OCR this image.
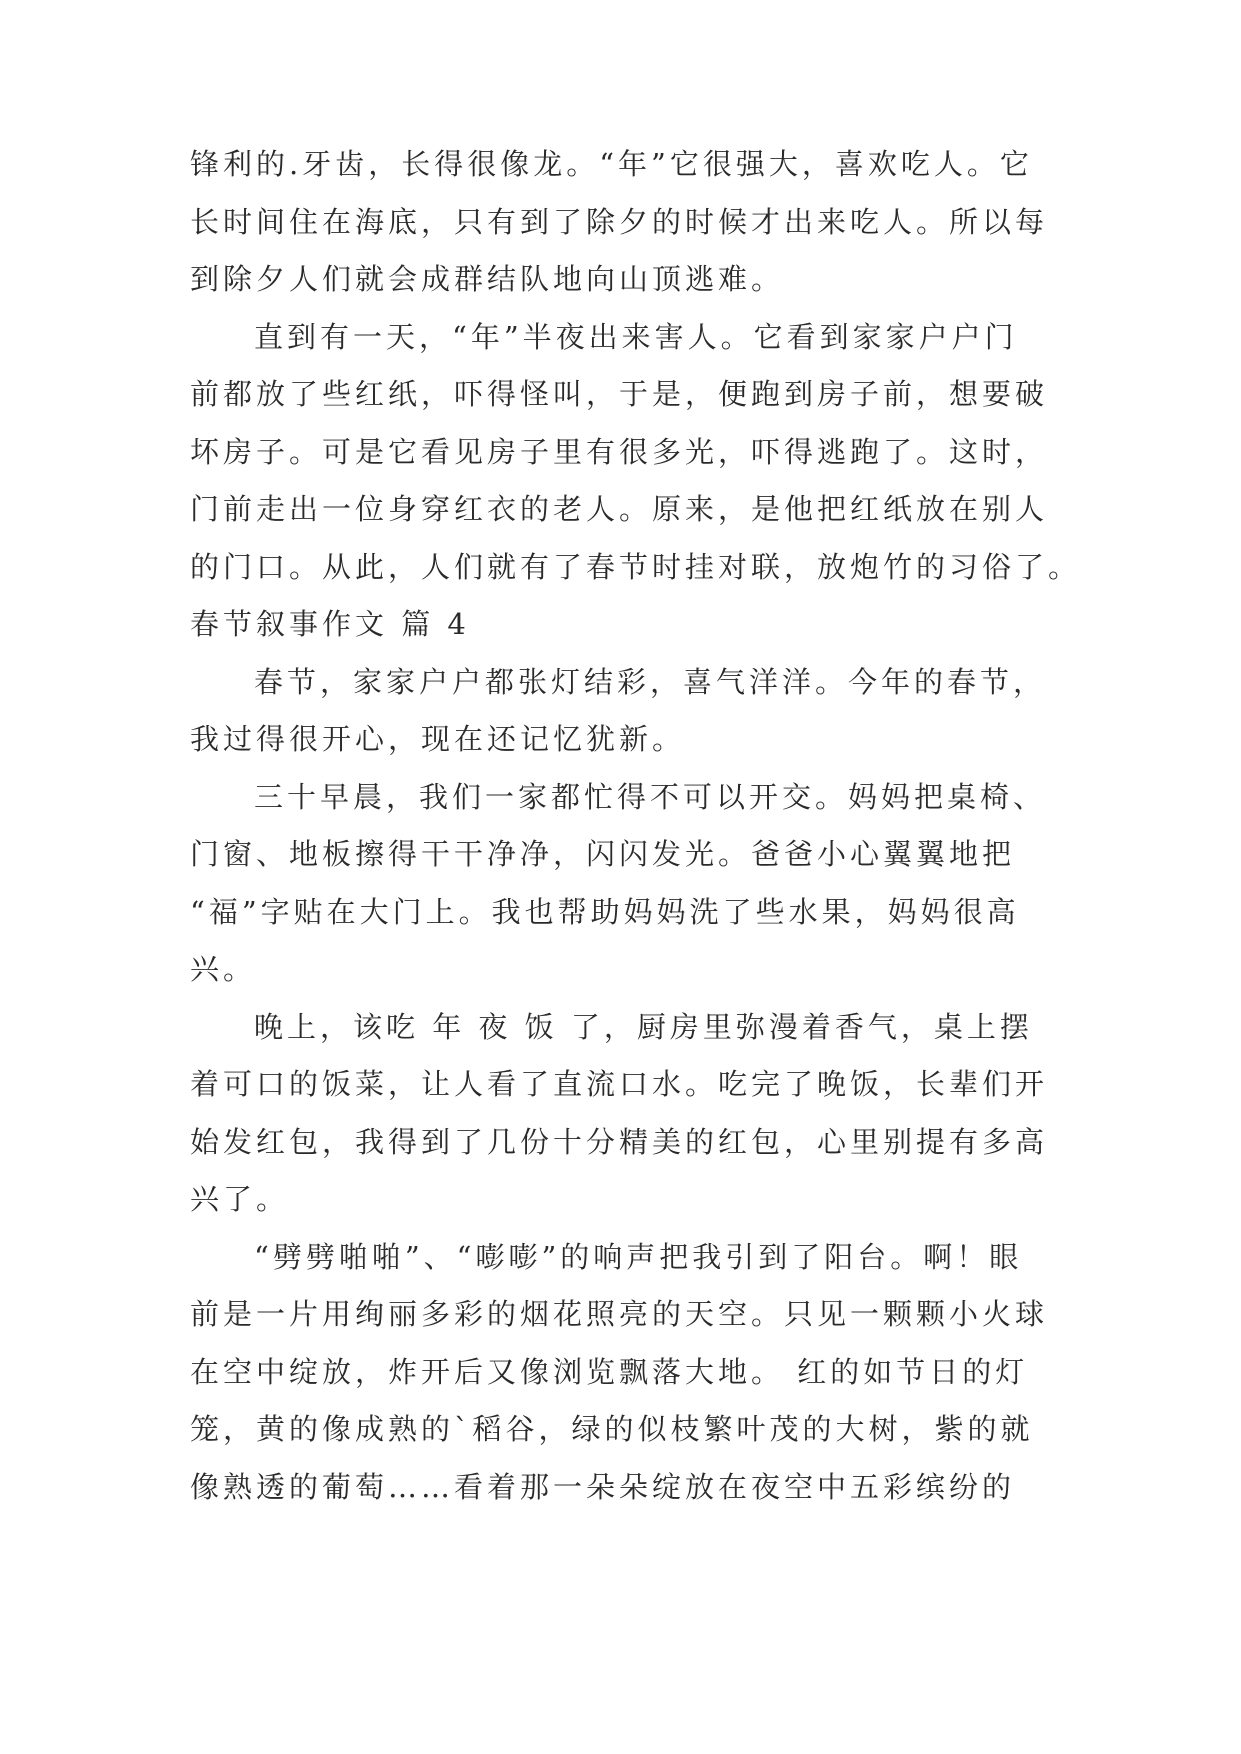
锋利的.牙齿，长得很像龙。“年”它很强大，喜欢吃人。它
长时间住在海底，只有到了除夕的时候才出来吃人。所以每
到除夕人们就会成群结队地向山顶逃难。
直到有一天，“年”半夜出来害人。它看到家家户户门
前都放了些红纸，吓得怪叫，于是，便跑到房子前，想要破
坏房子。可是它看见房子里有很多光，吓得逃跑了。这时，
门前走出一位身穿红衣的老人。原来，是他把红纸放在别人
的门口。从此，人们就有了春节时挂对联，放炮竹的习俗了。
春节叙事作文 篇 4
春节，家家户户都张灯结彩，喜气洋洋。今年的春节，
我过得很开心，现在还记忆犹新。
三十早晨，我们一家都忙得不可以开交。妈妈把桌椅、
门窗、地板擦得干干净净，闪闪发光。爸爸小心翼翼地把
“福”字贴在大门上。我也帮助妈妈洗了些水果，妈妈很高
兴。
晚上，该吃 年 夜 饭 了，厨房里弥漫着香气，桌上摆
着可口的饭菜，让人看了直流口水。吃完了晚饭，长辈们开
始发红包，我得到了几份十分精美的红包，心里别提有多高
兴了。
“劈劈啪啪”、“嘭嘭”的响声把我引到了阳台。啊！眼
前是一片用绚丽多彩的烟花照亮的天空。只见一颗颗小火球
在空中绽放，炸开后又像浏览飘落大地。 红的如节日的灯
笼，黄的像成熟的`稻谷，绿的似枝繁叶茂的大树，紫的就
像熟透的葡萄……看着那一朵朵绽放在夜空中五彩缤纷的
